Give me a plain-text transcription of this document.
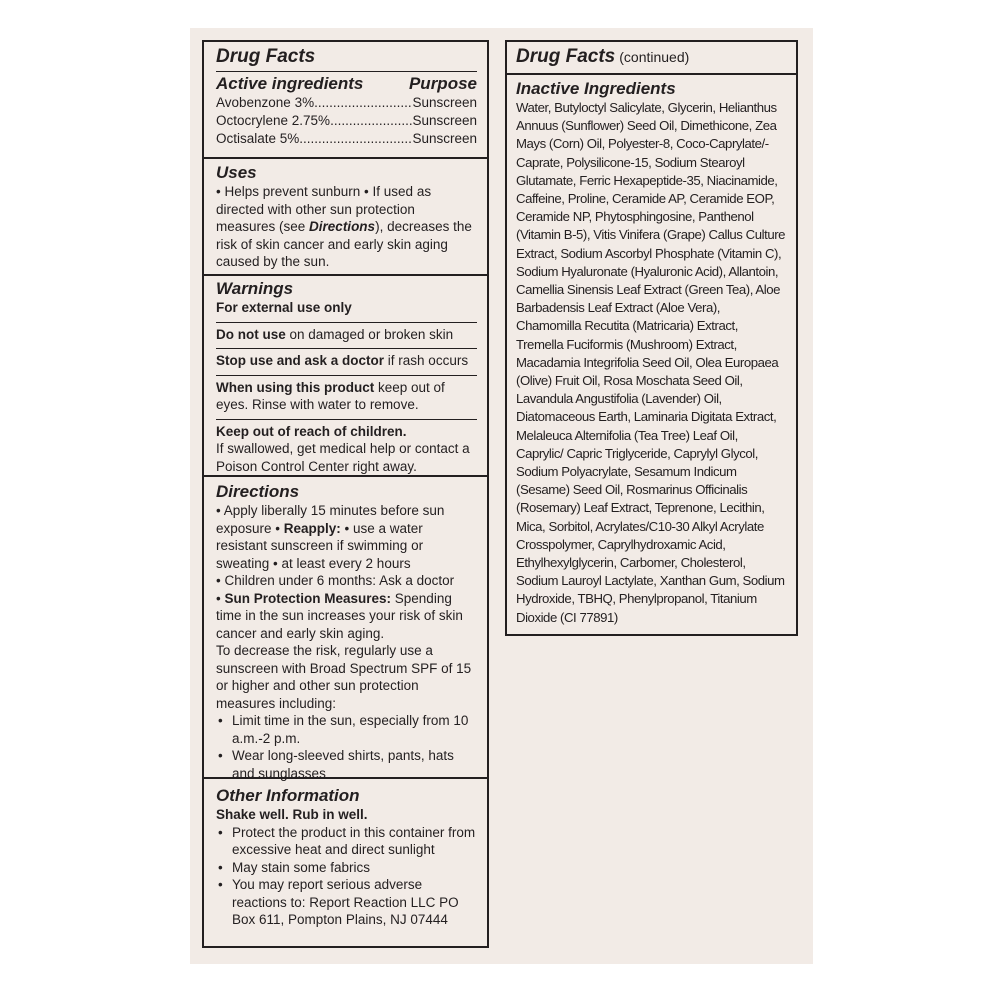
Drug Facts
Active ingredients	Purpose
Avobenzone 3% .....	Sunscreen
Octocrylene 2.75% .....	Sunscreen
Octisalate 5% .....	Sunscreen
Uses
• Helps prevent sunburn • If used as directed with other sun protection measures (see Directions), decreases the risk of skin cancer and early skin aging caused by the sun.
Warnings
For external use only
Do not use on damaged or broken skin
Stop use and ask a doctor if rash occurs
When using this product keep out of eyes. Rinse with water to remove.
Keep out of reach of children.
If swallowed, get medical help or contact a Poison Control Center right away.
Directions
• Apply liberally 15 minutes before sun exposure • Reapply: • use a water resistant sunscreen if swimming or sweating • at least every 2 hours
• Children under 6 months: Ask a doctor
• Sun Protection Measures: Spending time in the sun increases your risk of skin cancer and early skin aging.
To decrease the risk, regularly use a sunscreen with Broad Spectrum SPF of 15 or higher and other sun protection measures including:
• Limit time in the sun, especially from 10 a.m.-2 p.m.
• Wear long-sleeved shirts, pants, hats and sunglasses
Other Information
Shake well. Rub in well.
• Protect the product in this container from excessive heat and direct sunlight
• May stain some fabrics
• You may report serious adverse reactions to: Report Reaction LLC PO Box 611, Pompton Plains, NJ 07444
Drug Facts (continued)
Inactive Ingredients
Water, Butyloctyl Salicylate, Glycerin, Helianthus Annuus (Sunflower) Seed Oil, Dimethicone, Zea Mays (Corn) Oil, Polyester-8, Coco-Caprylate/-Caprate, Polysilicone-15, Sodium Stearoyl Glutamate, Ferric Hexapeptide-35, Niacinamide, Caffeine, Proline, Ceramide AP, Ceramide EOP, Ceramide NP, Phytosphingosine, Panthenol (Vitamin B-5), Vitis Vinifera (Grape) Callus Culture Extract, Sodium Ascorbyl Phosphate (Vitamin C), Sodium Hyaluronate (Hyaluronic Acid), Allantoin, Camellia Sinensis Leaf Extract (Green Tea), Aloe Barbadensis Leaf Extract (Aloe Vera), Chamomilla Recutita (Matricaria) Extract, Tremella Fuciformis (Mushroom) Extract, Macadamia Integrifolia Seed Oil, Olea Europaea (Olive) Fruit Oil, Rosa Moschata Seed Oil, Lavandula Angustifolia (Lavender) Oil, Diatomaceous Earth, Laminaria Digitata Extract, Melaleuca Alternifolia (Tea Tree) Leaf Oil, Caprylic/ Capric Triglyceride, Caprylyl Glycol, Sodium Polyacrylate, Sesamum Indicum (Sesame) Seed Oil, Rosmarinus Officinalis (Rosemary) Leaf Extract, Teprenone, Lecithin, Mica, Sorbitol, Acrylates/C10-30 Alkyl Acrylate Crosspolymer, Caprylhydroxamic Acid, Ethylhexylglycerin, Carbomer, Cholesterol, Sodium Lauroyl Lactylate, Xanthan Gum, Sodium Hydroxide, TBHQ, Phenylpropanol, Titanium Dioxide (CI 77891)
